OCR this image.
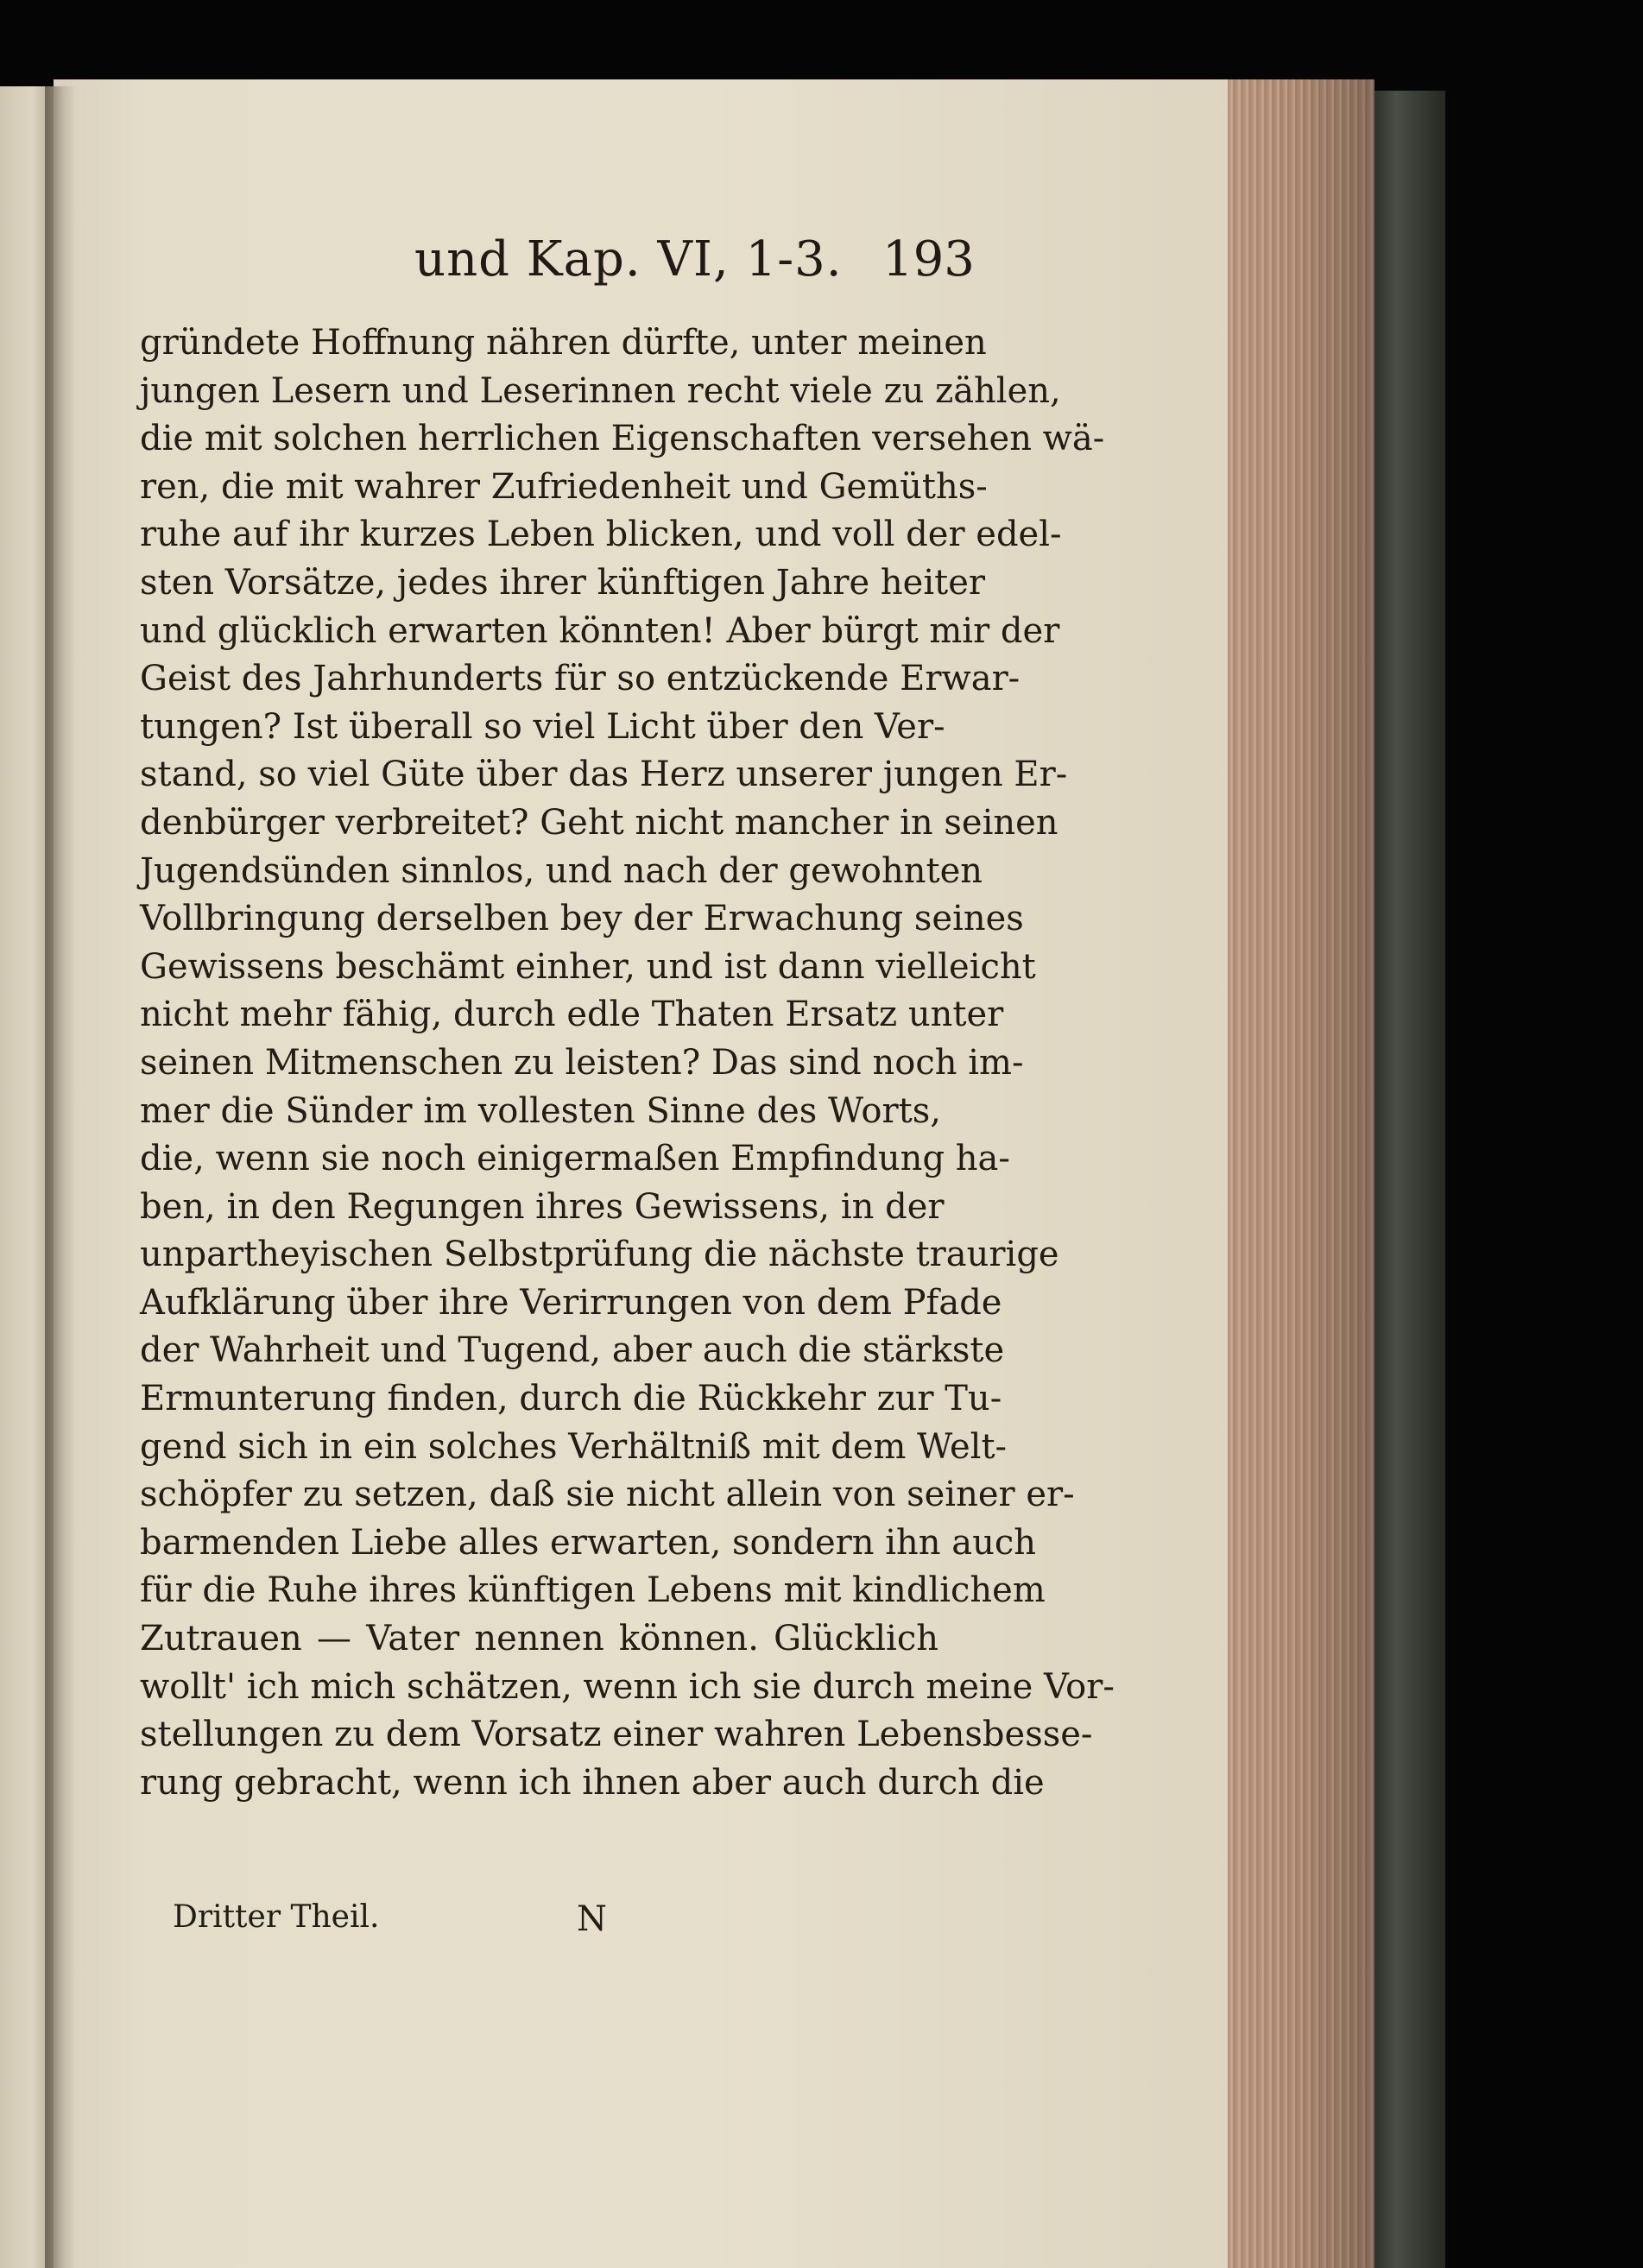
und Kap. VI, 1-3. 193
gründete Hoffnung nähren dürfte, unter meinen
jungen Lesern und Leserinnen recht viele zu zählen,
die mit solchen herrlichen Eigenschaften versehen wä-
ren, die mit wahrer Zufriedenheit und Gemüths-
ruhe auf ihr kurzes Leben blicken, und voll der edel-
sten Vorsätze, jedes ihrer künftigen Jahre heiter
und glücklich erwarten könnten! Aber bürgt mir der
Geist des Jahrhunderts für so entzückende Erwar-
tungen? Ist überall so viel Licht über den Ver-
stand, so viel Güte über das Herz unserer jungen Er-
denbürger verbreitet? Geht nicht mancher in seinen
Jugendsünden sinnlos, und nach der gewohnten
Vollbringung derselben bey der Erwachung seines
Gewissens beschämt einher, und ist dann vielleicht
nicht mehr fähig, durch edle Thaten Ersatz unter
seinen Mitmenschen zu leisten? Das sind noch im-
mer die Sünder im vollesten Sinne des Worts,
die, wenn sie noch einigermaßen Empfindung ha-
ben, in den Regungen ihres Gewissens, in der
unpartheyischen Selbstprüfung die nächste traurige
Aufklärung über ihre Verirrungen von dem Pfade
der Wahrheit und Tugend, aber auch die stärkste
Ermunterung finden, durch die Rückkehr zur Tu-
gend sich in ein solches Verhältniß mit dem Welt-
schöpfer zu setzen, daß sie nicht allein von seiner er-
barmenden Liebe alles erwarten, sondern ihn auch
für die Ruhe ihres künftigen Lebens mit kindlichem
Zutrauen — Vater nennen können. Glücklich
wollt' ich mich schätzen, wenn ich sie durch meine Vor-
stellungen zu dem Vorsatz einer wahren Lebensbesse-
rung gebracht, wenn ich ihnen aber auch durch die
Dritter Theil.	N
